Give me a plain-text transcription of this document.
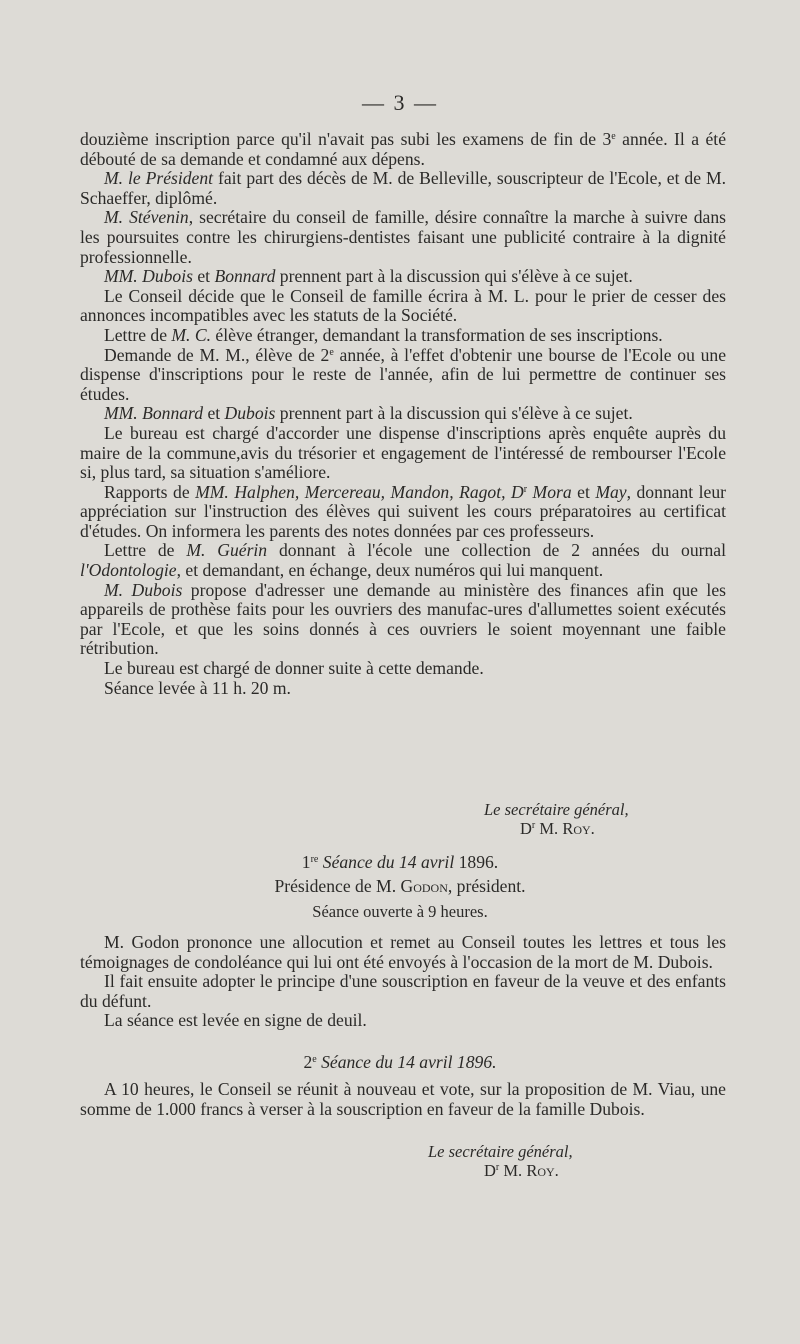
— 3 —

douzième inscription parce qu'il n'avait pas subi les examens de fin de 3e année. Il a été débouté de sa demande et condamné aux dépens.

M. le Président fait part des décès de M. de Belleville, souscripteur de l'Ecole, et de M. Schaeffer, diplômé.

M. Stévenin, secrétaire du conseil de famille, désire connaître la marche à suivre dans les poursuites contre les chirurgiens-dentistes faisant une publicité contraire à la dignité professionnelle.

MM. Dubois et Bonnard prennent part à la discussion qui s'élève à ce sujet.

Le Conseil décide que le Conseil de famille écrira à M. L. pour le prier de cesser des annonces incompatibles avec les statuts de la Société.

Lettre de M. C. élève étranger, demandant la transformation de ses inscriptions.

Demande de M. M., élève de 2e année, à l'effet d'obtenir une bourse de l'Ecole ou une dispense d'inscriptions pour le reste de l'année, afin de lui permettre de continuer ses études.

MM. Bonnard et Dubois prennent part à la discussion qui s'élève à ce sujet.

Le bureau est chargé d'accorder une dispense d'inscriptions après enquête auprès du maire de la commune,avis du trésorier et engagement de l'intéressé de rembourser l'Ecole si, plus tard, sa situation s'améliore.

Rapports de MM. Halphen, Mercereau, Mandon, Ragot, $D^r$ Mora et May, donnant leur appréciation sur l'instruction des élèves qui suivent les cours préparatoires au certificat d'études. On informera les parents des notes données par ces professeurs.

Lettre de M. Guérin donnant à l'école une collection de 2 années du ournal l'Odontologie, et demandant, en échange, deux numéros qui lui manquent.

M. Dubois propose d'adresser une demande au ministère des finances afin que les appareils de prothèse faits pour les ouvriers des manufac-ures d'allumettes soient exécutés par l'Ecole, et que les soins donnés à ces ouvriers le soient moyennant une faible rétribution.

Le bureau est chargé de donner suite à cette demande.

Séance levée à 11 h. 20 m.

Le secrétaire général,
$D^r$ M. Roy.
1re Séance du 14 avril 1896.
Présidence de M. Godon, président.
Séance ouverte à 9 heures.

M. Godon prononce une allocution et remet au Conseil toutes les lettres et tous les témoignages de condoléance qui lui ont été envoyés à l'occasion de la mort de M. Dubois.

Il fait ensuite adopter le principe d'une souscription en faveur de la veuve et des enfants du défunt.

La séance est levée en signe de deuil.

2e Séance du 14 avril 1896.

A 10 heures, le Conseil se réunit à nouveau et vote, sur la proposition de M. Viau, une somme de 1.000 francs à verser à la souscription en faveur de la famille Dubois.

Le secrétaire général,
$D^r$ M. Roy.
